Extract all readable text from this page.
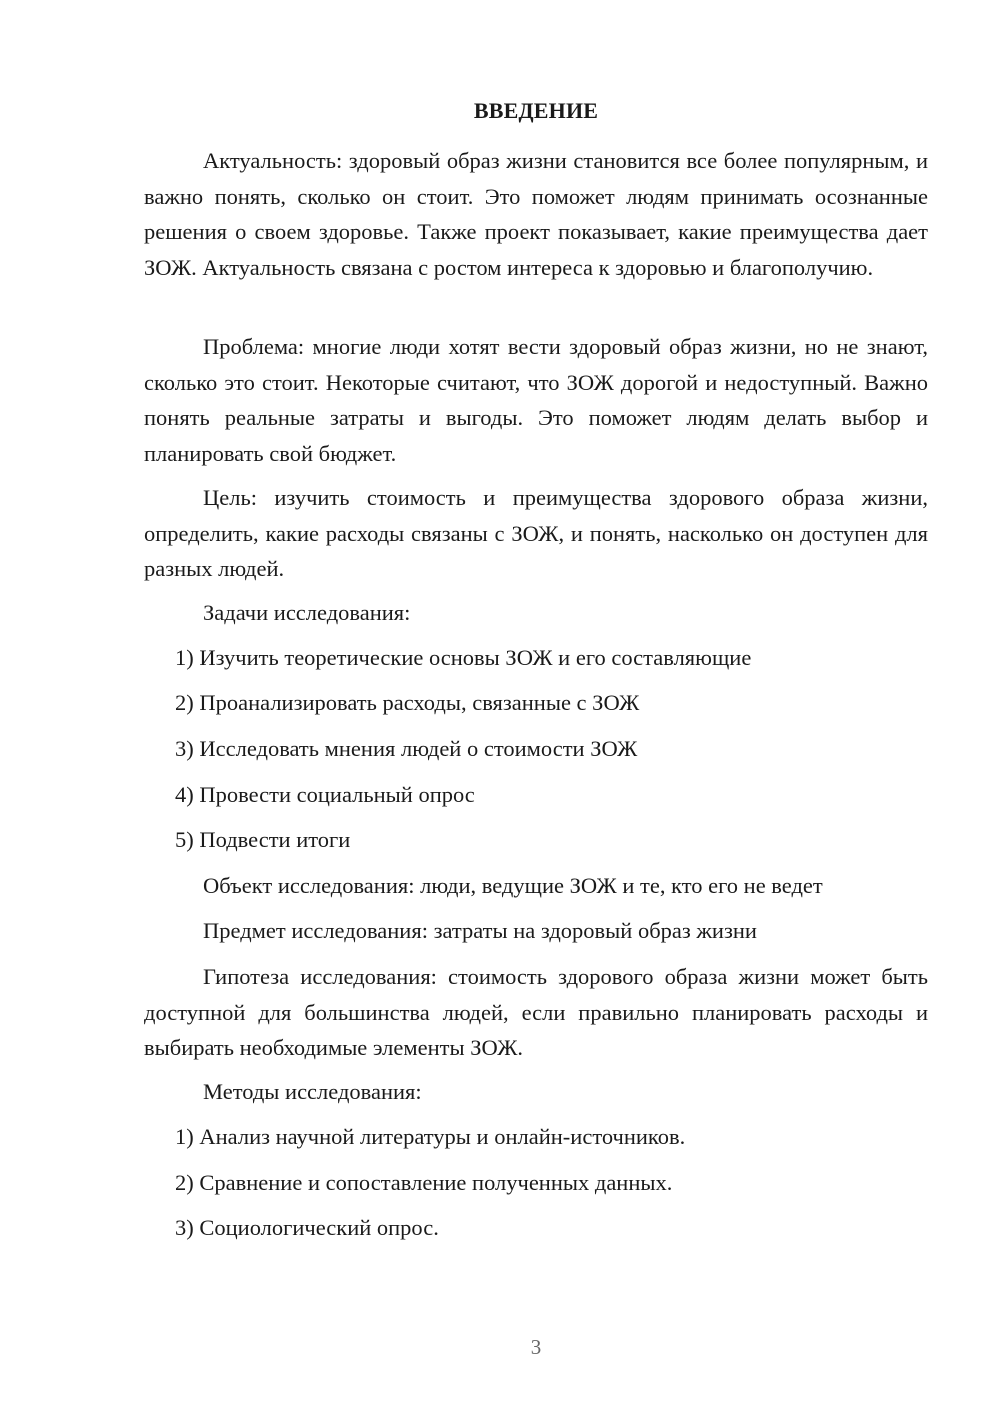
ВВЕДЕНИЕ

Актуальность: здоровый образ жизни становится все более популярным, и важно понять, сколько он стоит. Это поможет людям принимать осознанные решения о своем здоровье. Также проект показывает, какие преимущества дает ЗОЖ. Актуальность связана с ростом интереса к здоровью и благополучию.

Проблема: многие люди хотят вести здоровый образ жизни, но не знают, сколько это стоит. Некоторые считают, что ЗОЖ дорогой и недоступный. Важно понять реальные затраты и выгоды. Это поможет людям делать выбор и планировать свой бюджет.

Цель: изучить стоимость и преимущества здорового образа жизни, определить, какие расходы связаны с ЗОЖ, и понять, насколько он доступен для разных людей.

Задачи исследования:

1) Изучить теоретические основы ЗОЖ и его составляющие

2) Проанализировать расходы, связанные с ЗОЖ

3) Исследовать мнения людей о стоимости ЗОЖ

4) Провести социальный опрос

5) Подвести итоги

Объект исследования: люди, ведущие ЗОЖ и те, кто его не ведет

Предмет исследования: затраты на здоровый образ жизни

Гипотеза исследования: стоимость здорового образа жизни может быть доступной для большинства людей, если правильно планировать расходы и выбирать необходимые элементы ЗОЖ.

Методы исследования:

1) Анализ научной литературы и онлайн-источников.

2) Сравнение и сопоставление полученных данных.

3) Социологический опрос.

3
